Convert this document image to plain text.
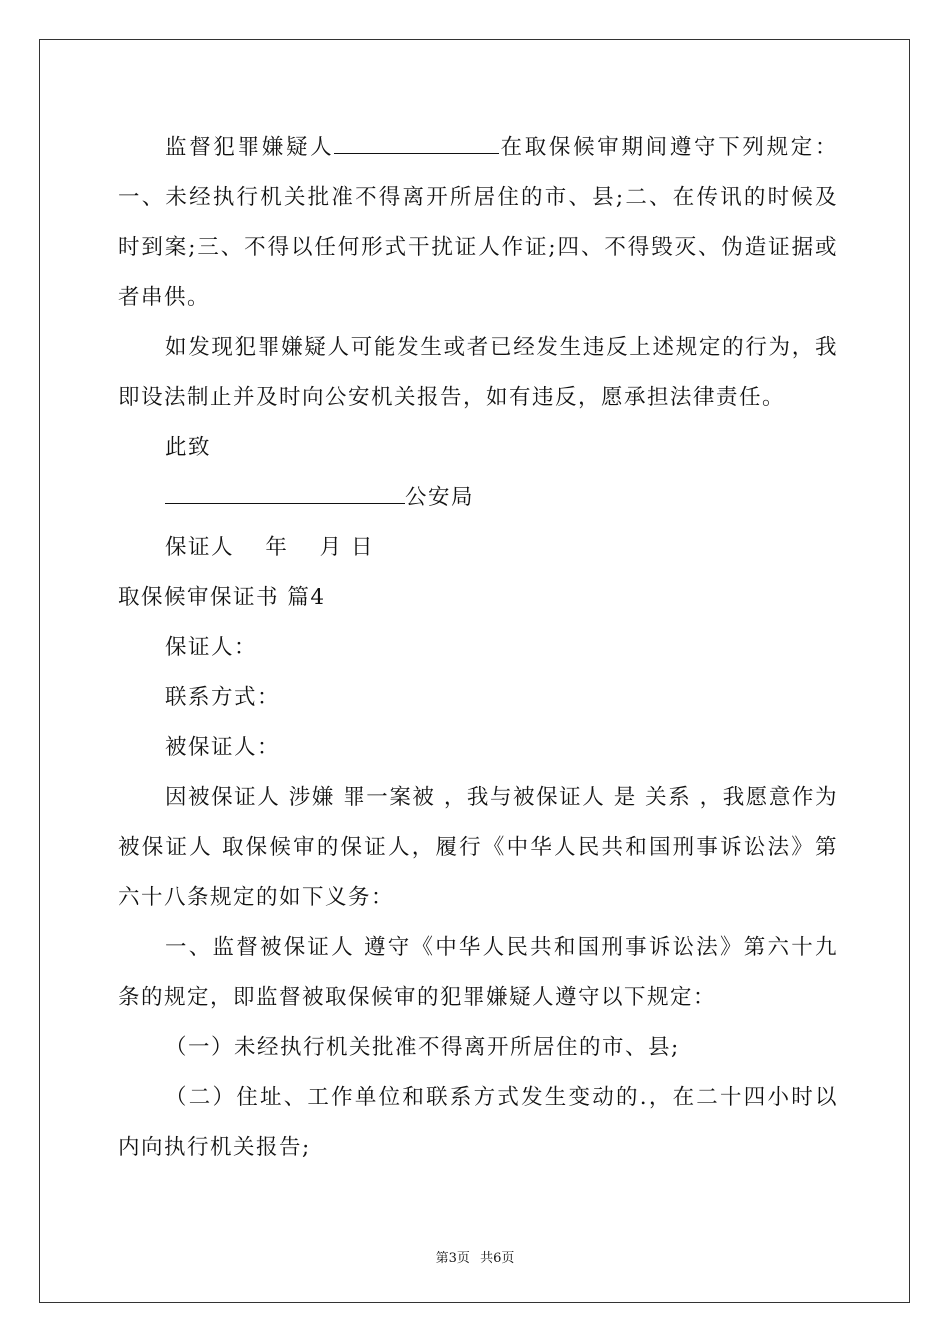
监督犯罪嫌疑人	在取保候审期间遵守下列规定：一、未经执行机关批准不得离开所居住的市、县;二、在传讯的时候及时到案;三、不得以任何形式干扰证人作证;四、不得毁灭、伪造证据或者串供。

如发现犯罪嫌疑人可能发生或者已经发生违反上述规定的行为，我即设法制止并及时向公安机关报告，如有违反，愿承担法律责任。

此致

公安局

保证人　 年　 月 日

取保候审保证书 篇4

保证人：

联系方式：

被保证人：

因被保证人 涉嫌 罪一案被 ，我与被保证人 是 关系 ，我愿意作为被保证人 取保候审的保证人，履行《中华人民共和国刑事诉讼法》第六十八条规定的如下义务：

一、监督被保证人 遵守《中华人民共和国刑事诉讼法》第六十九条的规定，即监督被取保候审的犯罪嫌疑人遵守以下规定：

（一）未经执行机关批准不得离开所居住的市、县;

（二）住址、工作单位和联系方式发生变动的.，在二十四小时以内向执行机关报告;

第3页 共6页
